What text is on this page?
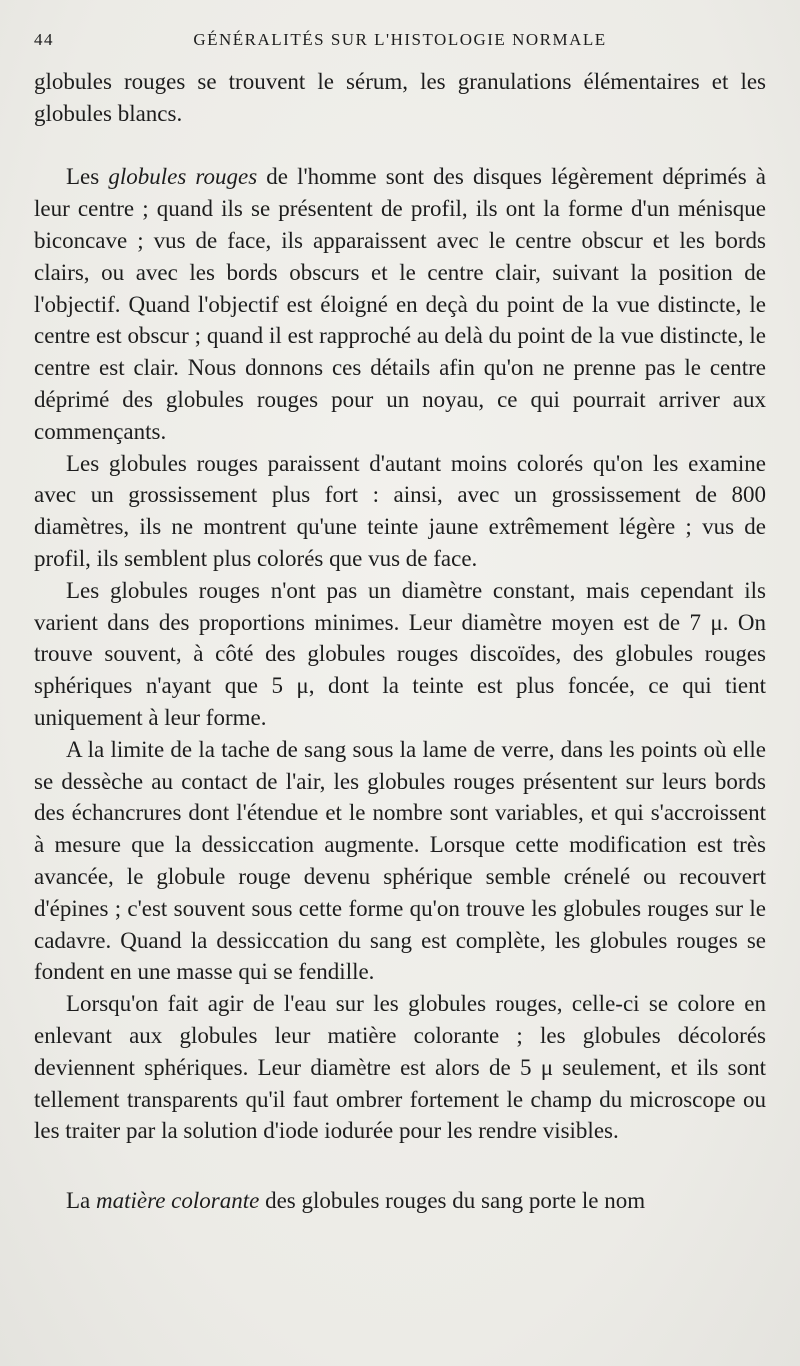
44	GÉNÉRALITÉS SUR L'HISTOLOGIE NORMALE

globules rouges se trouvent le sérum, les granulations élémentaires et les globules blancs.

Les globules rouges de l'homme sont des disques légèrement déprimés à leur centre ; quand ils se présentent de profil, ils ont la forme d'un ménisque biconcave ; vus de face, ils apparaissent avec le centre obscur et les bords clairs, ou avec les bords obscurs et le centre clair, suivant la position de l'objectif. Quand l'objectif est éloigné en deçà du point de la vue distincte, le centre est obscur ; quand il est rapproché au delà du point de la vue distincte, le centre est clair. Nous donnons ces détails afin qu'on ne prenne pas le centre déprimé des globules rouges pour un noyau, ce qui pourrait arriver aux commençants.

Les globules rouges paraissent d'autant moins colorés qu'on les examine avec un grossissement plus fort : ainsi, avec un grossissement de 800 diamètres, ils ne montrent qu'une teinte jaune extrêmement légère ; vus de profil, ils semblent plus colorés que vus de face.

Les globules rouges n'ont pas un diamètre constant, mais cependant ils varient dans des proportions minimes. Leur diamètre moyen est de 7 μ. On trouve souvent, à côté des globules rouges discoïdes, des globules rouges sphériques n'ayant que 5 μ, dont la teinte est plus foncée, ce qui tient uniquement à leur forme.

A la limite de la tache de sang sous la lame de verre, dans les points où elle se dessèche au contact de l'air, les globules rouges présentent sur leurs bords des échancrures dont l'étendue et le nombre sont variables, et qui s'accroissent à mesure que la dessiccation augmente. Lorsque cette modification est très avancée, le globule rouge devenu sphérique semble crénelé ou recouvert d'épines ; c'est souvent sous cette forme qu'on trouve les globules rouges sur le cadavre. Quand la dessiccation du sang est complète, les globules rouges se fondent en une masse qui se fendille.

Lorsqu'on fait agir de l'eau sur les globules rouges, celle-ci se colore en enlevant aux globules leur matière colorante ; les globules décolorés deviennent sphériques. Leur diamètre est alors de 5 μ seulement, et ils sont tellement transparents qu'il faut ombrer fortement le champ du microscope ou les traiter par la solution d'iode iodurée pour les rendre visibles.

La matière colorante des globules rouges du sang porte le nom
